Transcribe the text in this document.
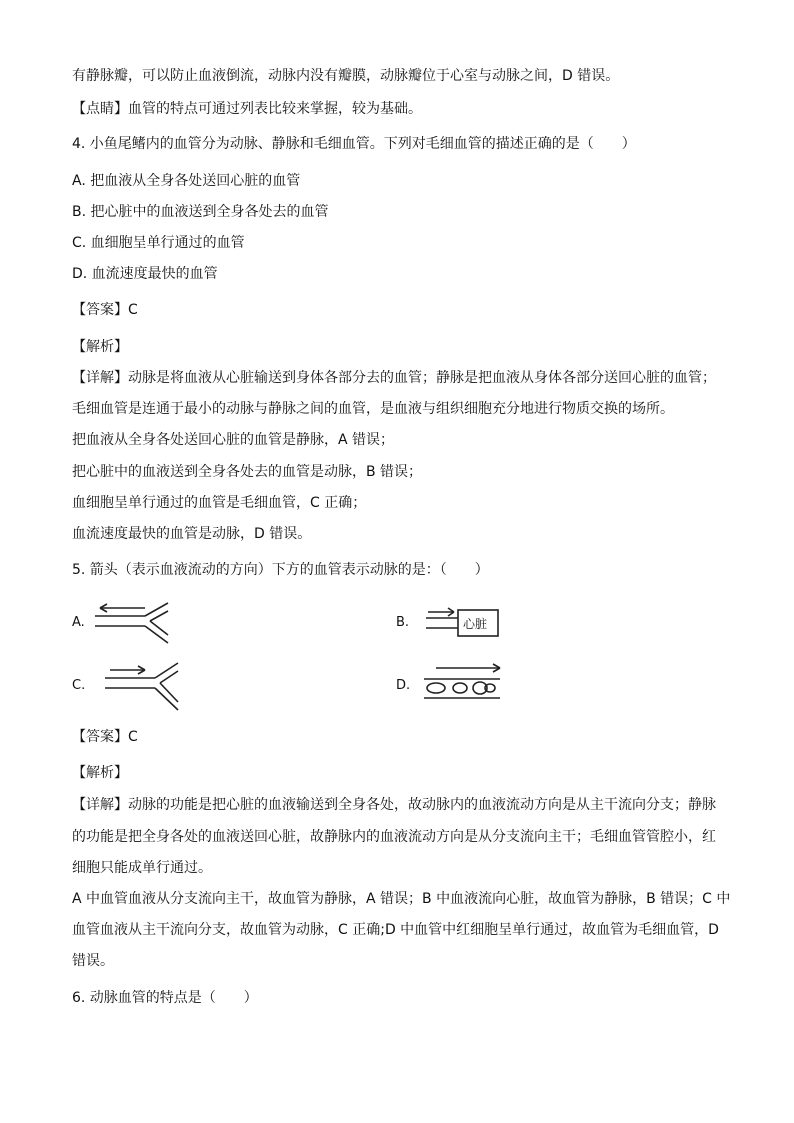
有静脉瓣，可以防止血液倒流，动脉内没有瓣膜，动脉瓣位于心室与动脉之间，D 错误。
【点睛】血管的特点可通过列表比较来掌握，较为基础。
4. 小鱼尾鳍内的血管分为动脉、静脉和毛细血管。下列对毛细血管的描述正确的是（　　）
A. 把血液从全身各处送回心脏的血管
B. 把心脏中的血液送到全身各处去的血管
C. 血细胞呈单行通过的血管
D. 血流速度最快的血管
【答案】C
【解析】
【详解】动脉是将血液从心脏输送到身体各部分去的血管；静脉是把血液从身体各部分送回心脏的血管；
毛细血管是连通于最小的动脉与静脉之间的血管，是血液与组织细胞充分地进行物质交换的场所。
把血液从全身各处送回心脏的血管是静脉，A 错误；
把心脏中的血液送到全身各处去的血管是动脉，B 错误；
血细胞呈单行通过的血管是毛细血管，C 正确；
血流速度最快的血管是动脉，D 错误。
5. 箭头（表示血液流动的方向）下方的血管表示动脉的是：（　　）
A.	B.	心脏
C.	D.
【答案】C
【解析】
【详解】动脉的功能是把心脏的血液输送到全身各处，故动脉内的血液流动方向是从主干流向分支；静脉
的功能是把全身各处的血液送回心脏，故静脉内的血液流动方向是从分支流向主干；毛细血管管腔小，红
细胞只能成单行通过。
A 中血管血液从分支流向主干，故血管为静脉，A 错误；B 中血液流向心脏，故血管为静脉，B 错误；C 中
血管血液从主干流向分支，故血管为动脉，C 正确;D 中血管中红细胞呈单行通过，故血管为毛细血管，D
错误。
6. 动脉血管的特点是（　　）
